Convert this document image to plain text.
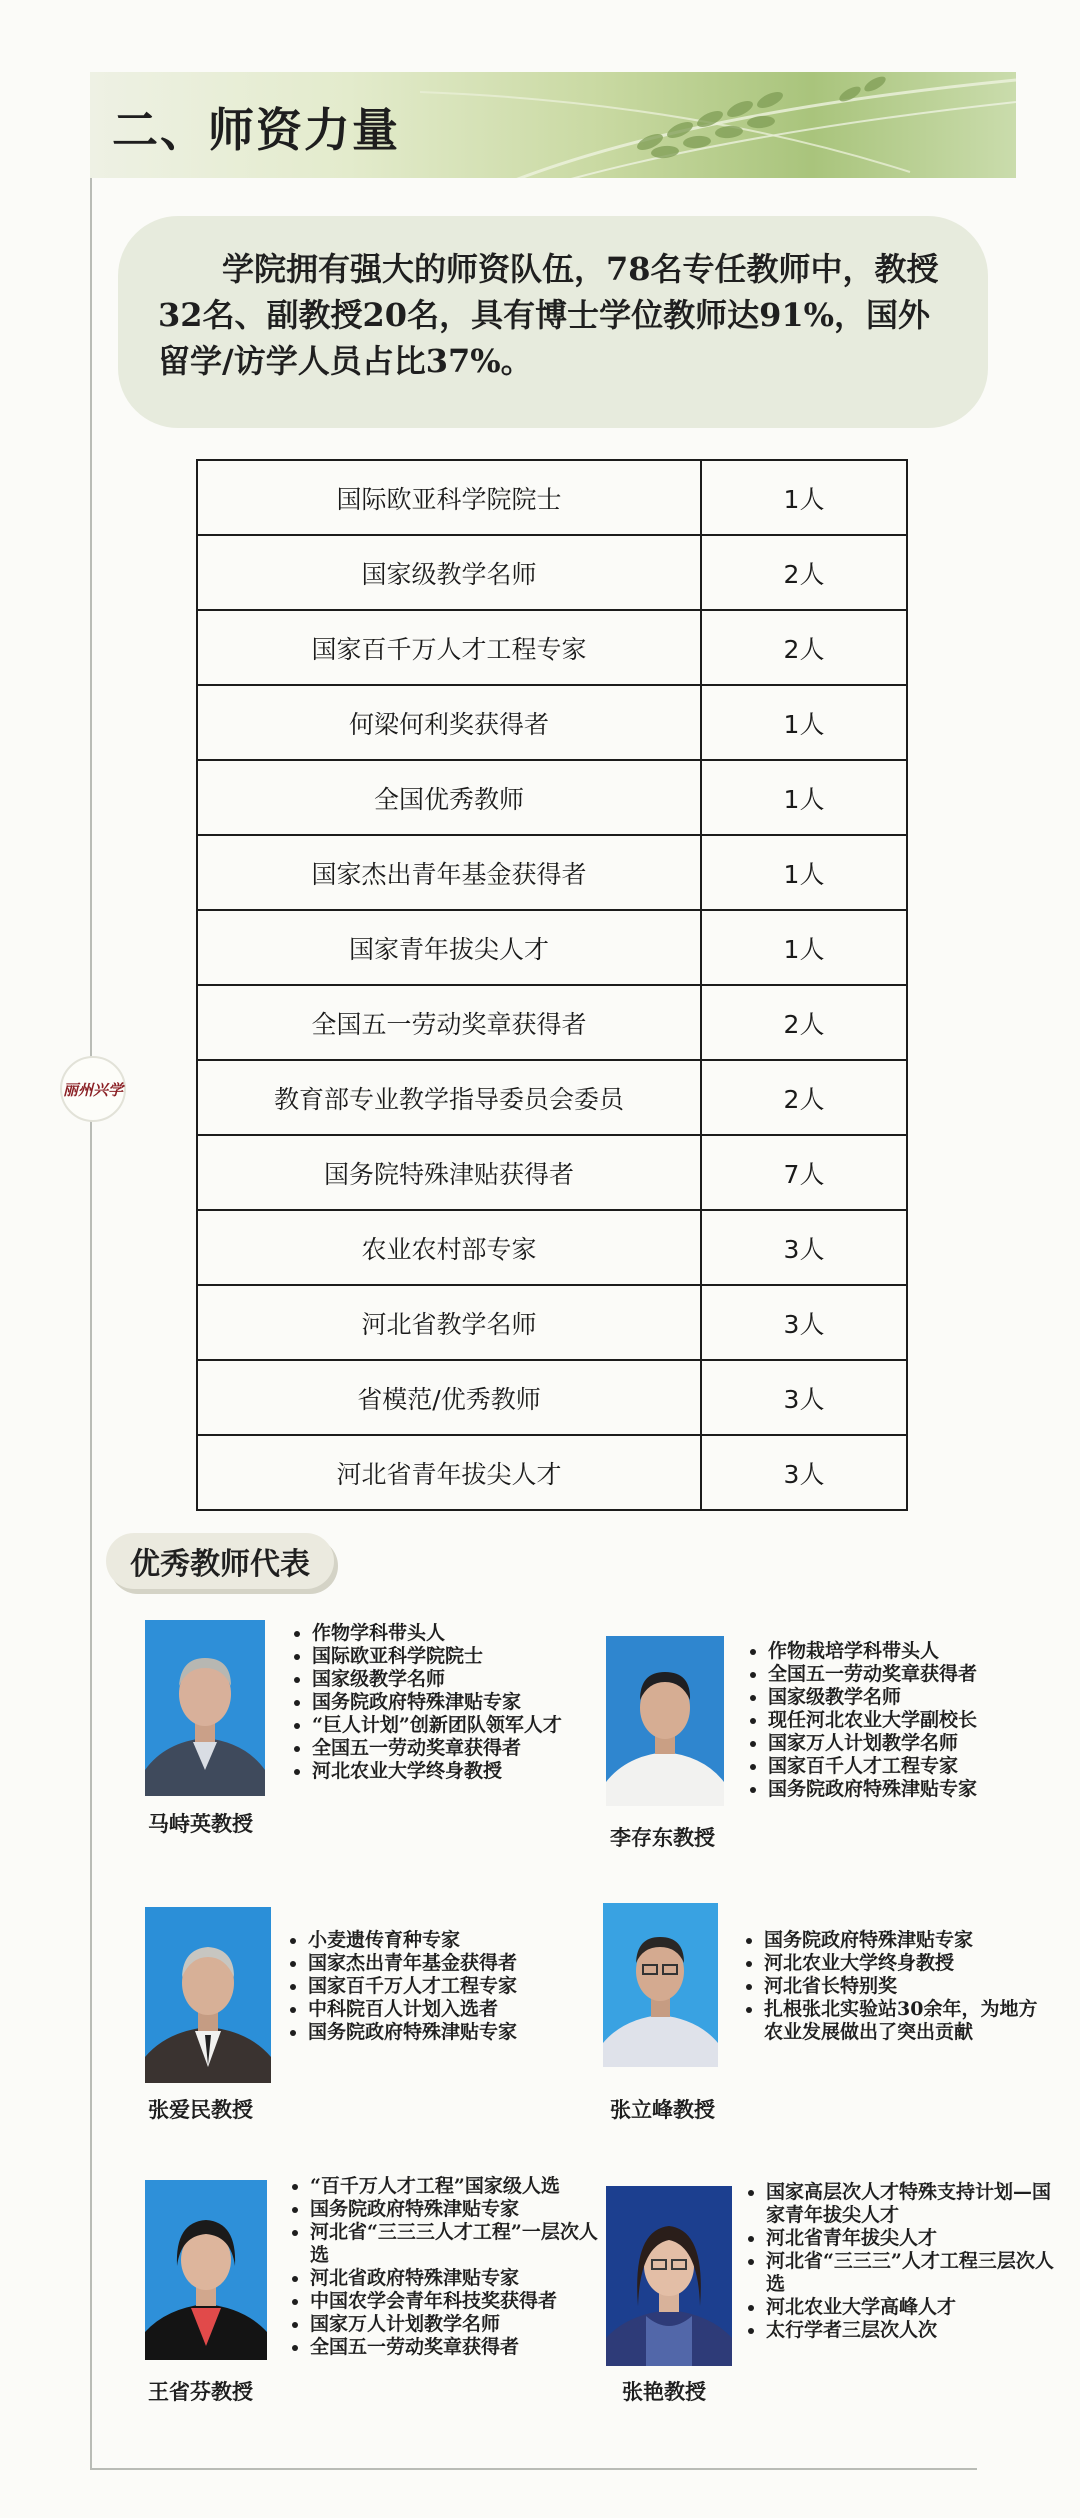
二、师资力量
学院拥有强大的师资队伍，78名专任教师中，教授32名、副教授20名，具有博士学位教师达91%，国外留学/访学人员占比37%。
国际欧亚科学院院士	1人
国家级教学名师	2人
国家百千万人才工程专家	2人
何梁何利奖获得者	1人
全国优秀教师	1人
国家杰出青年基金获得者	1人
国家青年拔尖人才	1人
全国五一劳动奖章获得者	2人
教育部专业教学指导委员会委员	2人
国务院特殊津贴获得者	7人
农业农村部专家	3人
河北省教学名师	3人
省模范/优秀教师	3人
河北省青年拔尖人才	3人
丽州兴学
优秀教师代表
马峙英教授
• 作物学科带头人
• 国际欧亚科学院院士
• 国家级教学名师
• 国务院政府特殊津贴专家
• “巨人计划”创新团队领军人才
• 全国五一劳动奖章获得者
• 河北农业大学终身教授
李存东教授
• 作物栽培学科带头人
• 全国五一劳动奖章获得者
• 国家级教学名师
• 现任河北农业大学副校长
• 国家万人计划教学名师
• 国家百千人才工程专家
• 国务院政府特殊津贴专家
张爱民教授
• 小麦遗传育种专家
• 国家杰出青年基金获得者
• 国家百千万人才工程专家
• 中科院百人计划入选者
• 国务院政府特殊津贴专家
张立峰教授
• 国务院政府特殊津贴专家
• 河北农业大学终身教授
• 河北省长特别奖
• 扎根张北实验站30余年，为地方农业发展做出了突出贡献
王省芬教授
• “百千万人才工程”国家级人选
• 国务院政府特殊津贴专家
• 河北省“三三三人才工程”一层次人选
• 河北省政府特殊津贴专家
• 中国农学会青年科技奖获得者
• 国家万人计划教学名师
• 全国五一劳动奖章获得者
张艳教授
• 国家高层次人才特殊支持计划—国家青年拔尖人才
• 河北省青年拔尖人才
• 河北省“三三三”人才工程三层次人选
• 河北农业大学高峰人才
• 太行学者三层次人次
